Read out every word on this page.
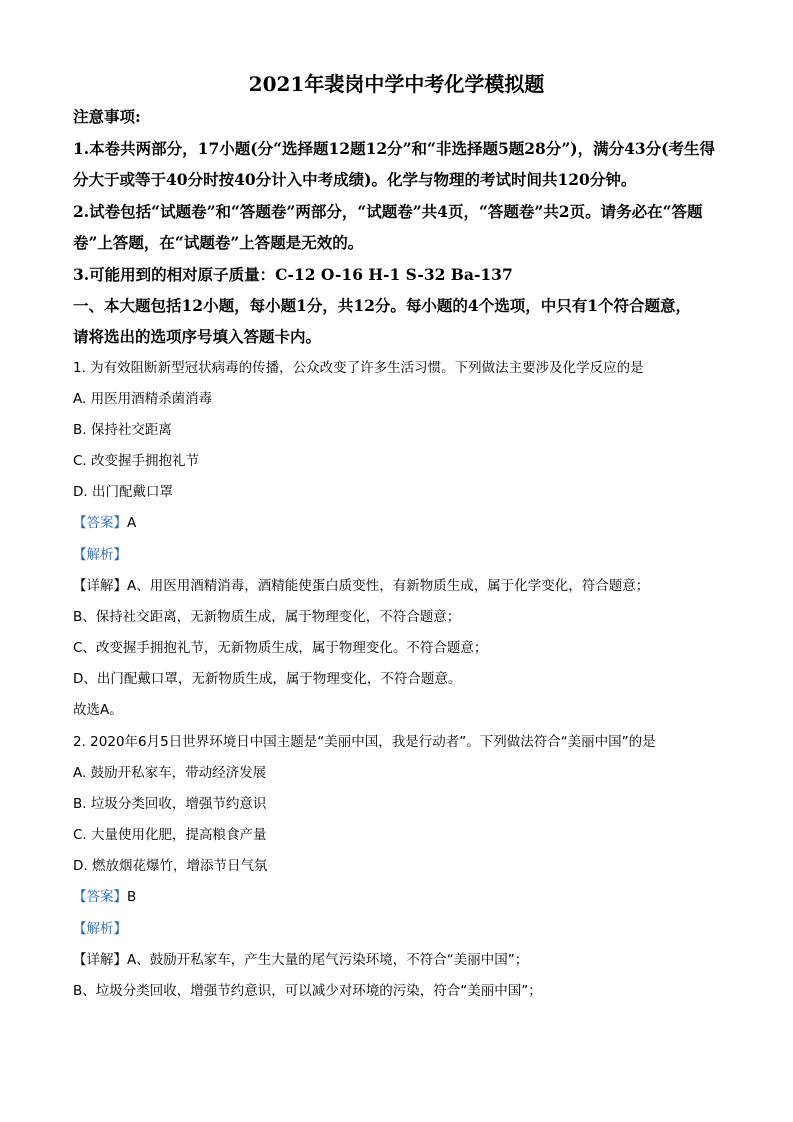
2021年裴岗中学中考化学模拟题
注意事项:
1.本卷共两部分，17小题(分“选择题12题12分”和“非选择题5题28分”)，满分43分(考生得
分大于或等于40分时按40分计入中考成绩)。化学与物理的考试时间共120分钟。
2.试卷包括“试题卷”和“答题卷”两部分，“试题卷”共4页，“答题卷”共2页。请务必在“答题
卷”上答题，在“试题卷”上答题是无效的。
3.可能用到的相对原子质量：C-12 O-16 H-1 S-32 Ba-137
一、本大题包括12小题，每小题1分，共12分。每小题的4个选项，中只有1个符合题意，
请将选出的选项序号填入答题卡内。
1. 为有效阻断新型冠状病毒的传播，公众改变了许多生活习惯。下列做法主要涉及化学反应的是
A. 用医用酒精杀菌消毒
B. 保持社交距离
C. 改变握手拥抱礼节
D. 出门配戴口罩
【答案】A
【解析】
【详解】A、用医用酒精消毒，酒精能使蛋白质变性，有新物质生成，属于化学变化，符合题意；
B、保持社交距离，无新物质生成，属于物理变化，不符合题意；
C、改变握手拥抱礼节，无新物质生成，属于物理变化。不符合题意；
D、出门配戴口罩，无新物质生成，属于物理变化，不符合题意。
故选A。
2. 2020年6月5日世界环境日中国主题是“美丽中国，我是行动者”。下列做法符合“美丽中国”的是
A. 鼓励开私家车，带动经济发展
B. 垃圾分类回收，增强节约意识
C. 大量使用化肥，提高粮食产量
D. 燃放烟花爆竹，增添节日气氛
【答案】B
【解析】
【详解】A、鼓励开私家车，产生大量的尾气污染环境，不符合“美丽中国”；
B、垃圾分类回收，增强节约意识，可以减少对环境的污染，符合“美丽中国”；
